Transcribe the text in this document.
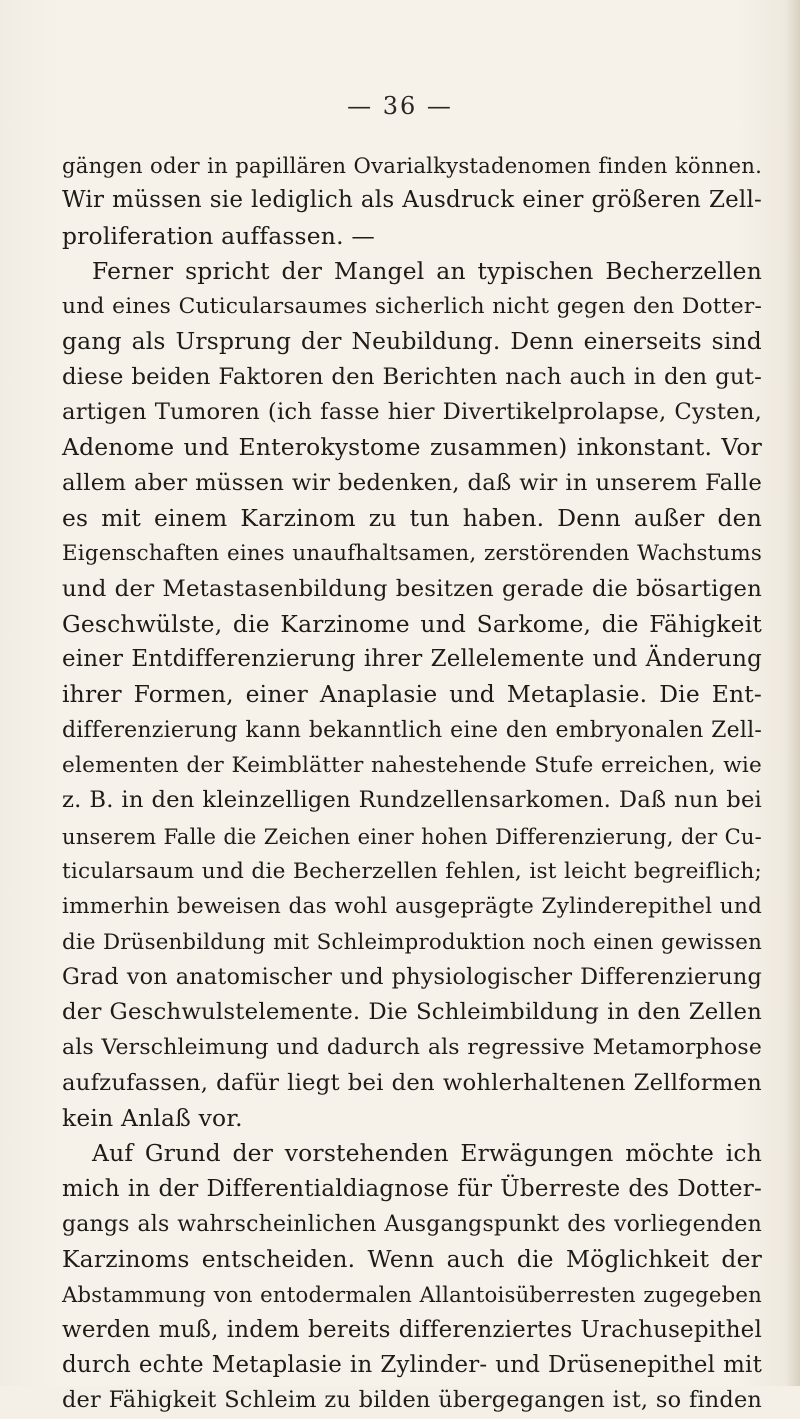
— 36 —
gängen oder in papillären Ovarialkystadenomen finden können.
Wir müssen sie lediglich als Ausdruck einer größeren Zell-
proliferation auffassen. —
Ferner spricht der Mangel an typischen Becherzellen
und eines Cuticularsaumes sicherlich nicht gegen den Dotter-
gang als Ursprung der Neubildung. Denn einerseits sind
diese beiden Faktoren den Berichten nach auch in den gut-
artigen Tumoren (ich fasse hier Divertikelprolapse, Cysten,
Adenome und Enterokystome zusammen) inkonstant. Vor
allem aber müssen wir bedenken, daß wir in unserem Falle
es mit einem Karzinom zu tun haben. Denn außer den
Eigenschaften eines unaufhaltsamen, zerstörenden Wachstums
und der Metastasenbildung besitzen gerade die bösartigen
Geschwülste, die Karzinome und Sarkome, die Fähigkeit
einer Entdifferenzierung ihrer Zellelemente und Änderung
ihrer Formen, einer Anaplasie und Metaplasie. Die Ent-
differenzierung kann bekanntlich eine den embryonalen Zell-
elementen der Keimblätter nahestehende Stufe erreichen, wie
z. B. in den kleinzelligen Rundzellensarkomen. Daß nun bei
unserem Falle die Zeichen einer hohen Differenzierung, der Cu-
ticularsaum und die Becherzellen fehlen, ist leicht begreiflich;
immerhin beweisen das wohl ausgeprägte Zylinderepithel und
die Drüsenbildung mit Schleimproduktion noch einen gewissen
Grad von anatomischer und physiologischer Differenzierung
der Geschwulstelemente. Die Schleimbildung in den Zellen
als Verschleimung und dadurch als regressive Metamorphose
aufzufassen, dafür liegt bei den wohlerhaltenen Zellformen
kein Anlaß vor.
Auf Grund der vorstehenden Erwägungen möchte ich
mich in der Differentialdiagnose für Überreste des Dotter-
gangs als wahrscheinlichen Ausgangspunkt des vorliegenden
Karzinoms entscheiden. Wenn auch die Möglichkeit der
Abstammung von entodermalen Allantoisüberresten zugegeben
werden muß, indem bereits differenziertes Urachusepithel
durch echte Metaplasie in Zylinder- und Drüsenepithel mit
der Fähigkeit Schleim zu bilden übergegangen ist, so finden
